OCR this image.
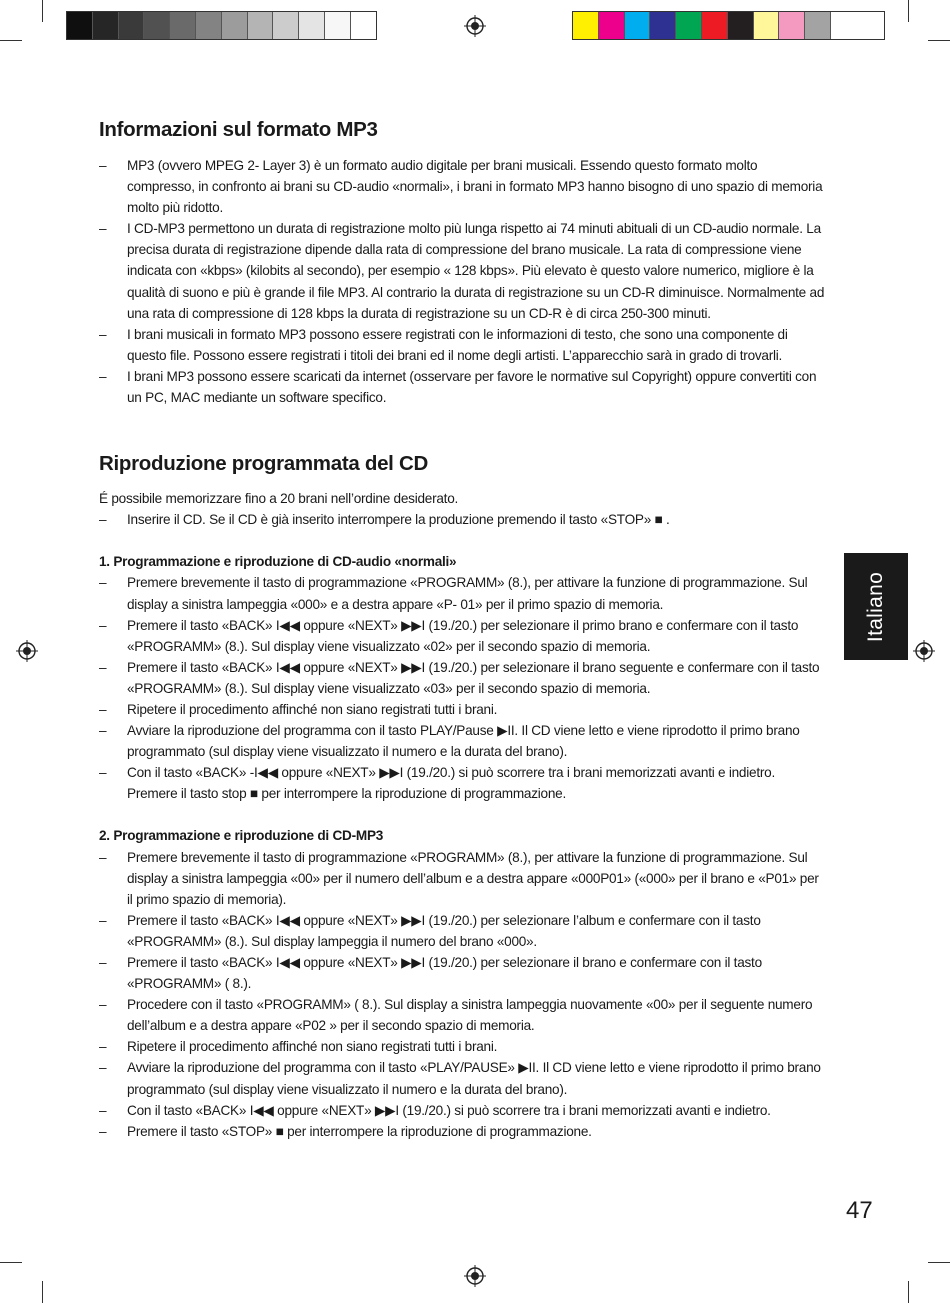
Informazioni sul formato MP3
–	MP3 (ovvero MPEG 2- Layer 3) è un formato audio digitale per brani musicali. Essendo questo formato molto compresso, in confronto ai brani su CD-audio «normali», i brani in formato MP3 hanno bisogno di uno spazio di memoria molto più ridotto.
–	I CD-MP3 permettono un durata di registrazione molto più lunga rispetto ai 74 minuti abituali di un CD-audio normale. La precisa durata di registrazione dipende dalla rata di compressione del brano musicale. La rata di compressione viene indicata con «kbps» (kilobits al secondo), per esempio « 128 kbps». Più elevato è questo valore numerico, migliore è la qualità di suono e più è grande il file MP3. Al contrario la durata di registrazione su un CD-R diminuisce. Normalmente ad una rata di compressione di 128 kbps la durata di registrazione su un CD-R è di circa 250-300 minuti.
–	I brani musicali in formato MP3 possono essere registrati con le informazioni di testo, che sono una componente di questo file. Possono essere registrati i titoli dei brani ed il nome degli artisti. L’apparecchio sarà in grado di trovarli.
–	I brani MP3 possono essere scaricati da internet (osservare per favore le normative sul Copyright) oppure convertiti con un PC, MAC mediante un software specifico.
Riproduzione programmata del CD

É possibile memorizzare fino a 20 brani nell’ordine desiderato.

–	Inserire il CD. Se il CD è già inserito interrompere la produzione premendo il tasto «STOP» ■ .
1. Programmazione e riproduzione di CD-audio «normali»
–	Premere brevemente il tasto di programmazione «PROGRAMM» (8.), per attivare la funzione di programmazione. Sul display a sinistra lampeggia «000» e a destra appare «P- 01» per il primo spazio di memoria.
–	Premere il tasto «BACK» I◀◀ oppure «NEXT» ▶▶I (19./20.) per selezionare il primo brano e confermare con il tasto «PROGRAMM» (8.). Sul display viene visualizzato «02» per il secondo spazio di memoria.
–	Premere il tasto «BACK» I◀◀ oppure «NEXT» ▶▶I (19./20.) per selezionare il brano seguente e confermare con il tasto «PROGRAMM» (8.). Sul display viene visualizzato «03» per il secondo spazio di memoria.
–	Ripetere il procedimento affinché non siano registrati tutti i brani.
–	Avviare la riproduzione del programma con il tasto PLAY/Pause ▶II. Il CD viene letto e viene riprodotto il primo brano programmato (sul display viene visualizzato il numero e la durata del brano).
–	Con il tasto «BACK» -I◀◀ oppure «NEXT» ▶▶I (19./20.) si può scorrere tra i brani memorizzati avanti e indietro. Premere il tasto stop ■ per interrompere la riproduzione di programmazione.
2. Programmazione e riproduzione di CD-MP3
–	Premere brevemente il tasto di programmazione «PROGRAMM» (8.), per attivare la funzione di programmazione. Sul display a sinistra lampeggia «00» per il numero dell’album e a destra appare «000P01» («000» per il brano e «P01» per il primo spazio di memoria).
–	Premere il tasto «BACK» I◀◀ oppure «NEXT» ▶▶I (19./20.) per selezionare l’album e confermare con il tasto «PROGRAMM» (8.). Sul display lampeggia il numero del brano «000».
–	Premere il tasto «BACK» I◀◀ oppure «NEXT» ▶▶I (19./20.) per selezionare il brano e confermare con il tasto «PROGRAMM» ( 8.).
–	Procedere con il tasto «PROGRAMM» ( 8.). Sul display a sinistra lampeggia nuovamente «00» per il seguente numero dell’album e a destra appare «P02 » per il secondo spazio di memoria.
–	Ripetere il procedimento affinché non siano registrati tutti i brani.
–	Avviare la riproduzione del programma con il tasto «PLAY/PAUSE» ▶II. Il CD viene letto e viene riprodotto il primo brano programmato (sul display viene visualizzato il numero e la durata del brano).
–	Con il tasto «BACK» I◀◀ oppure «NEXT» ▶▶I (19./20.) si può scorrere tra i brani memorizzati avanti e indietro.
–	Premere il tasto «STOP» ■ per interrompere la riproduzione di programmazione.
Italiano
47
